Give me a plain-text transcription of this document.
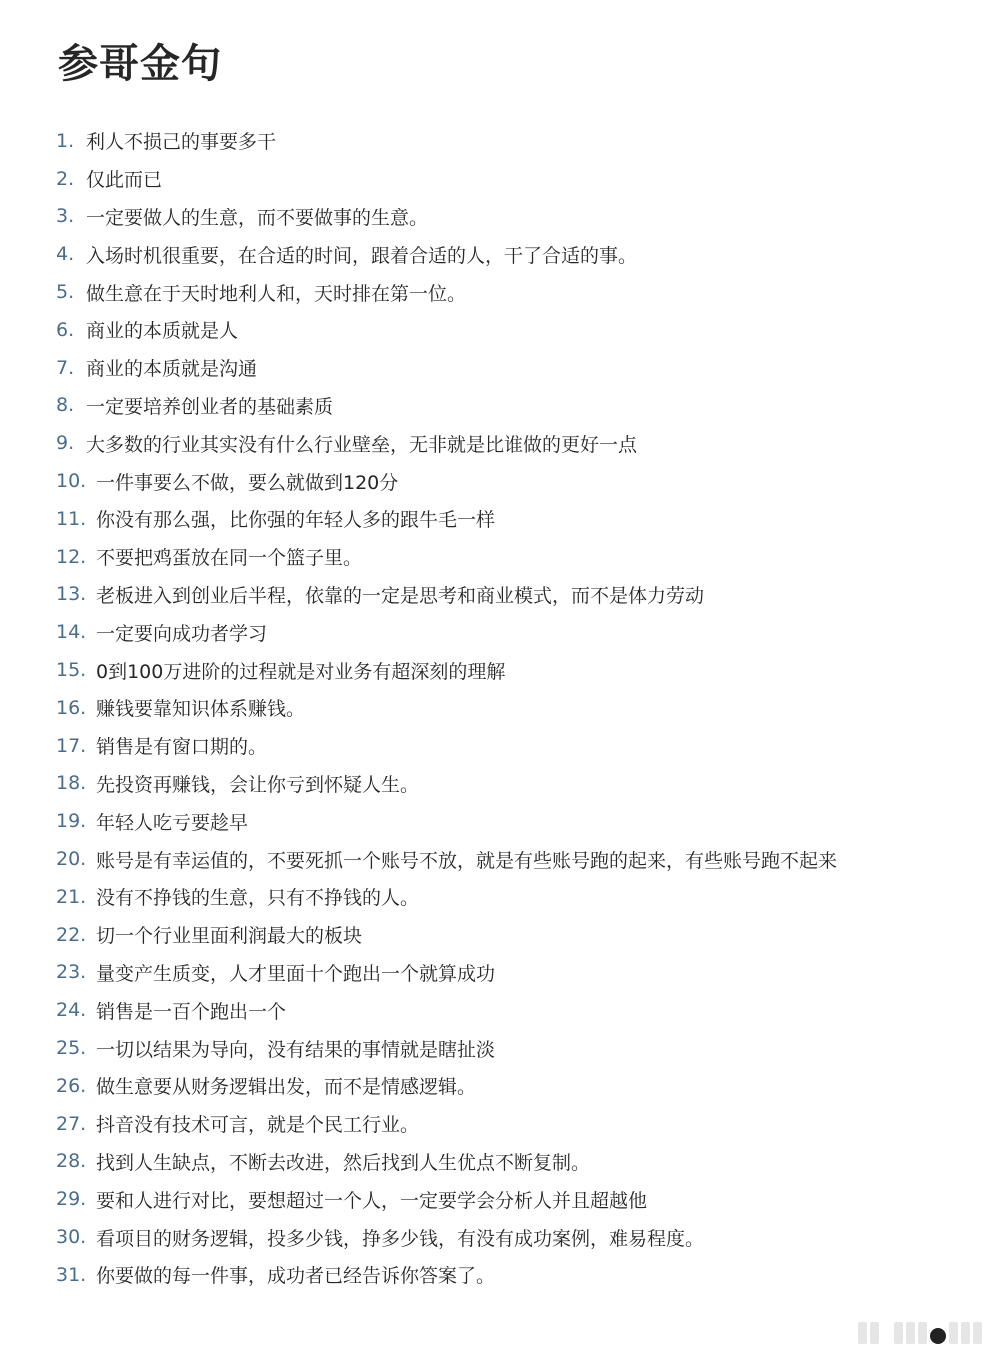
参哥金句
1. 利人不损己的事要多干
2. 仅此而已
3. 一定要做人的生意，而不要做事的生意。
4. 入场时机很重要，在合适的时间，跟着合适的人，干了合适的事。
5. 做生意在于天时地利人和，天时排在第一位。
6. 商业的本质就是人
7. 商业的本质就是沟通
8. 一定要培养创业者的基础素质
9. 大多数的行业其实没有什么行业壁垒，无非就是比谁做的更好一点
10. 一件事要么不做，要么就做到120分
11. 你没有那么强，比你强的年轻人多的跟牛毛一样
12. 不要把鸡蛋放在同一个篮子里。
13. 老板进入到创业后半程，依靠的一定是思考和商业模式，而不是体力劳动
14. 一定要向成功者学习
15. 0到100万进阶的过程就是对业务有超深刻的理解
16. 赚钱要靠知识体系赚钱。
17. 销售是有窗口期的。
18. 先投资再赚钱，会让你亏到怀疑人生。
19. 年轻人吃亏要趁早
20. 账号是有幸运值的，不要死抓一个账号不放，就是有些账号跑的起来，有些账号跑不起来
21. 没有不挣钱的生意，只有不挣钱的人。
22. 切一个行业里面利润最大的板块
23. 量变产生质变，人才里面十个跑出一个就算成功
24. 销售是一百个跑出一个
25. 一切以结果为导向，没有结果的事情就是瞎扯淡
26. 做生意要从财务逻辑出发，而不是情感逻辑。
27. 抖音没有技术可言，就是个民工行业。
28. 找到人生缺点，不断去改进，然后找到人生优点不断复制。
29. 要和人进行对比，要想超过一个人，一定要学会分析人并且超越他
30. 看项目的财务逻辑，投多少钱，挣多少钱，有没有成功案例，难易程度。
31. 你要做的每一件事，成功者已经告诉你答案了。
